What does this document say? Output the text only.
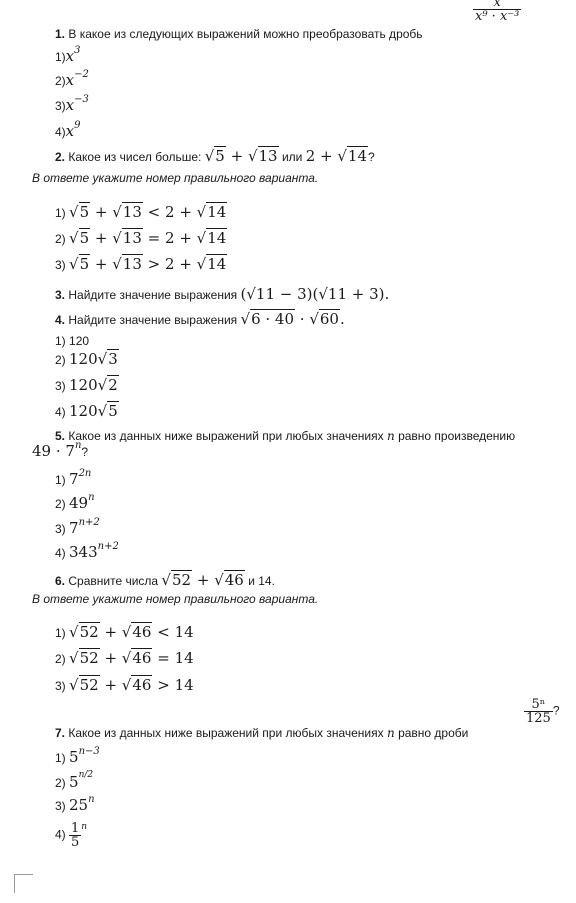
1. В какое из следующих выражений можно преобразовать дробь
$\frac{x}{\text{x⁹ · x⁻³}}$
$1)x^3$
$2)x^{-2}$
$3)x^{-3}$
$4)x^9$
2. Какое из чисел больше: √5 + √13 или 2 + √14?
В ответе укажите номер правильного варианта.
1) √5 + √13 < 2 + √14
2) √5 + √13 = 2 + √14
3) √5 + √13 > 2 + √14
3. Найдите значение выражения (√11 − 3)(√11 + 3).
4. Найдите значение выражения √6 · 40 · √60.
1) 120
2) 120√3
3) 120√2
4) 120√5
5. Какое из данных ниже выражений при любых значениях n равно произведению
$49 \cdot 7^n$?
1) $7^{2n}$
2) 49$^n$
3) $7^{n+2}$
4) $343^{n+2}$
6. Сравните числа √52 + √46 и 14.
В ответе укажите номер правильного варианта.
1) √52 + √46 < 14
2) √52 + √46 = 14
3) √52 + √46 > 14
7. Какое из данных ниже выражений при любых значениях n равно дроби
$\frac{\text{5ⁿ}}{125}$ ?
1) $5^{n-3}$
2) $5^{n/2}$
3) 25$^n$
$4) \frac{1}{5} ^n$
